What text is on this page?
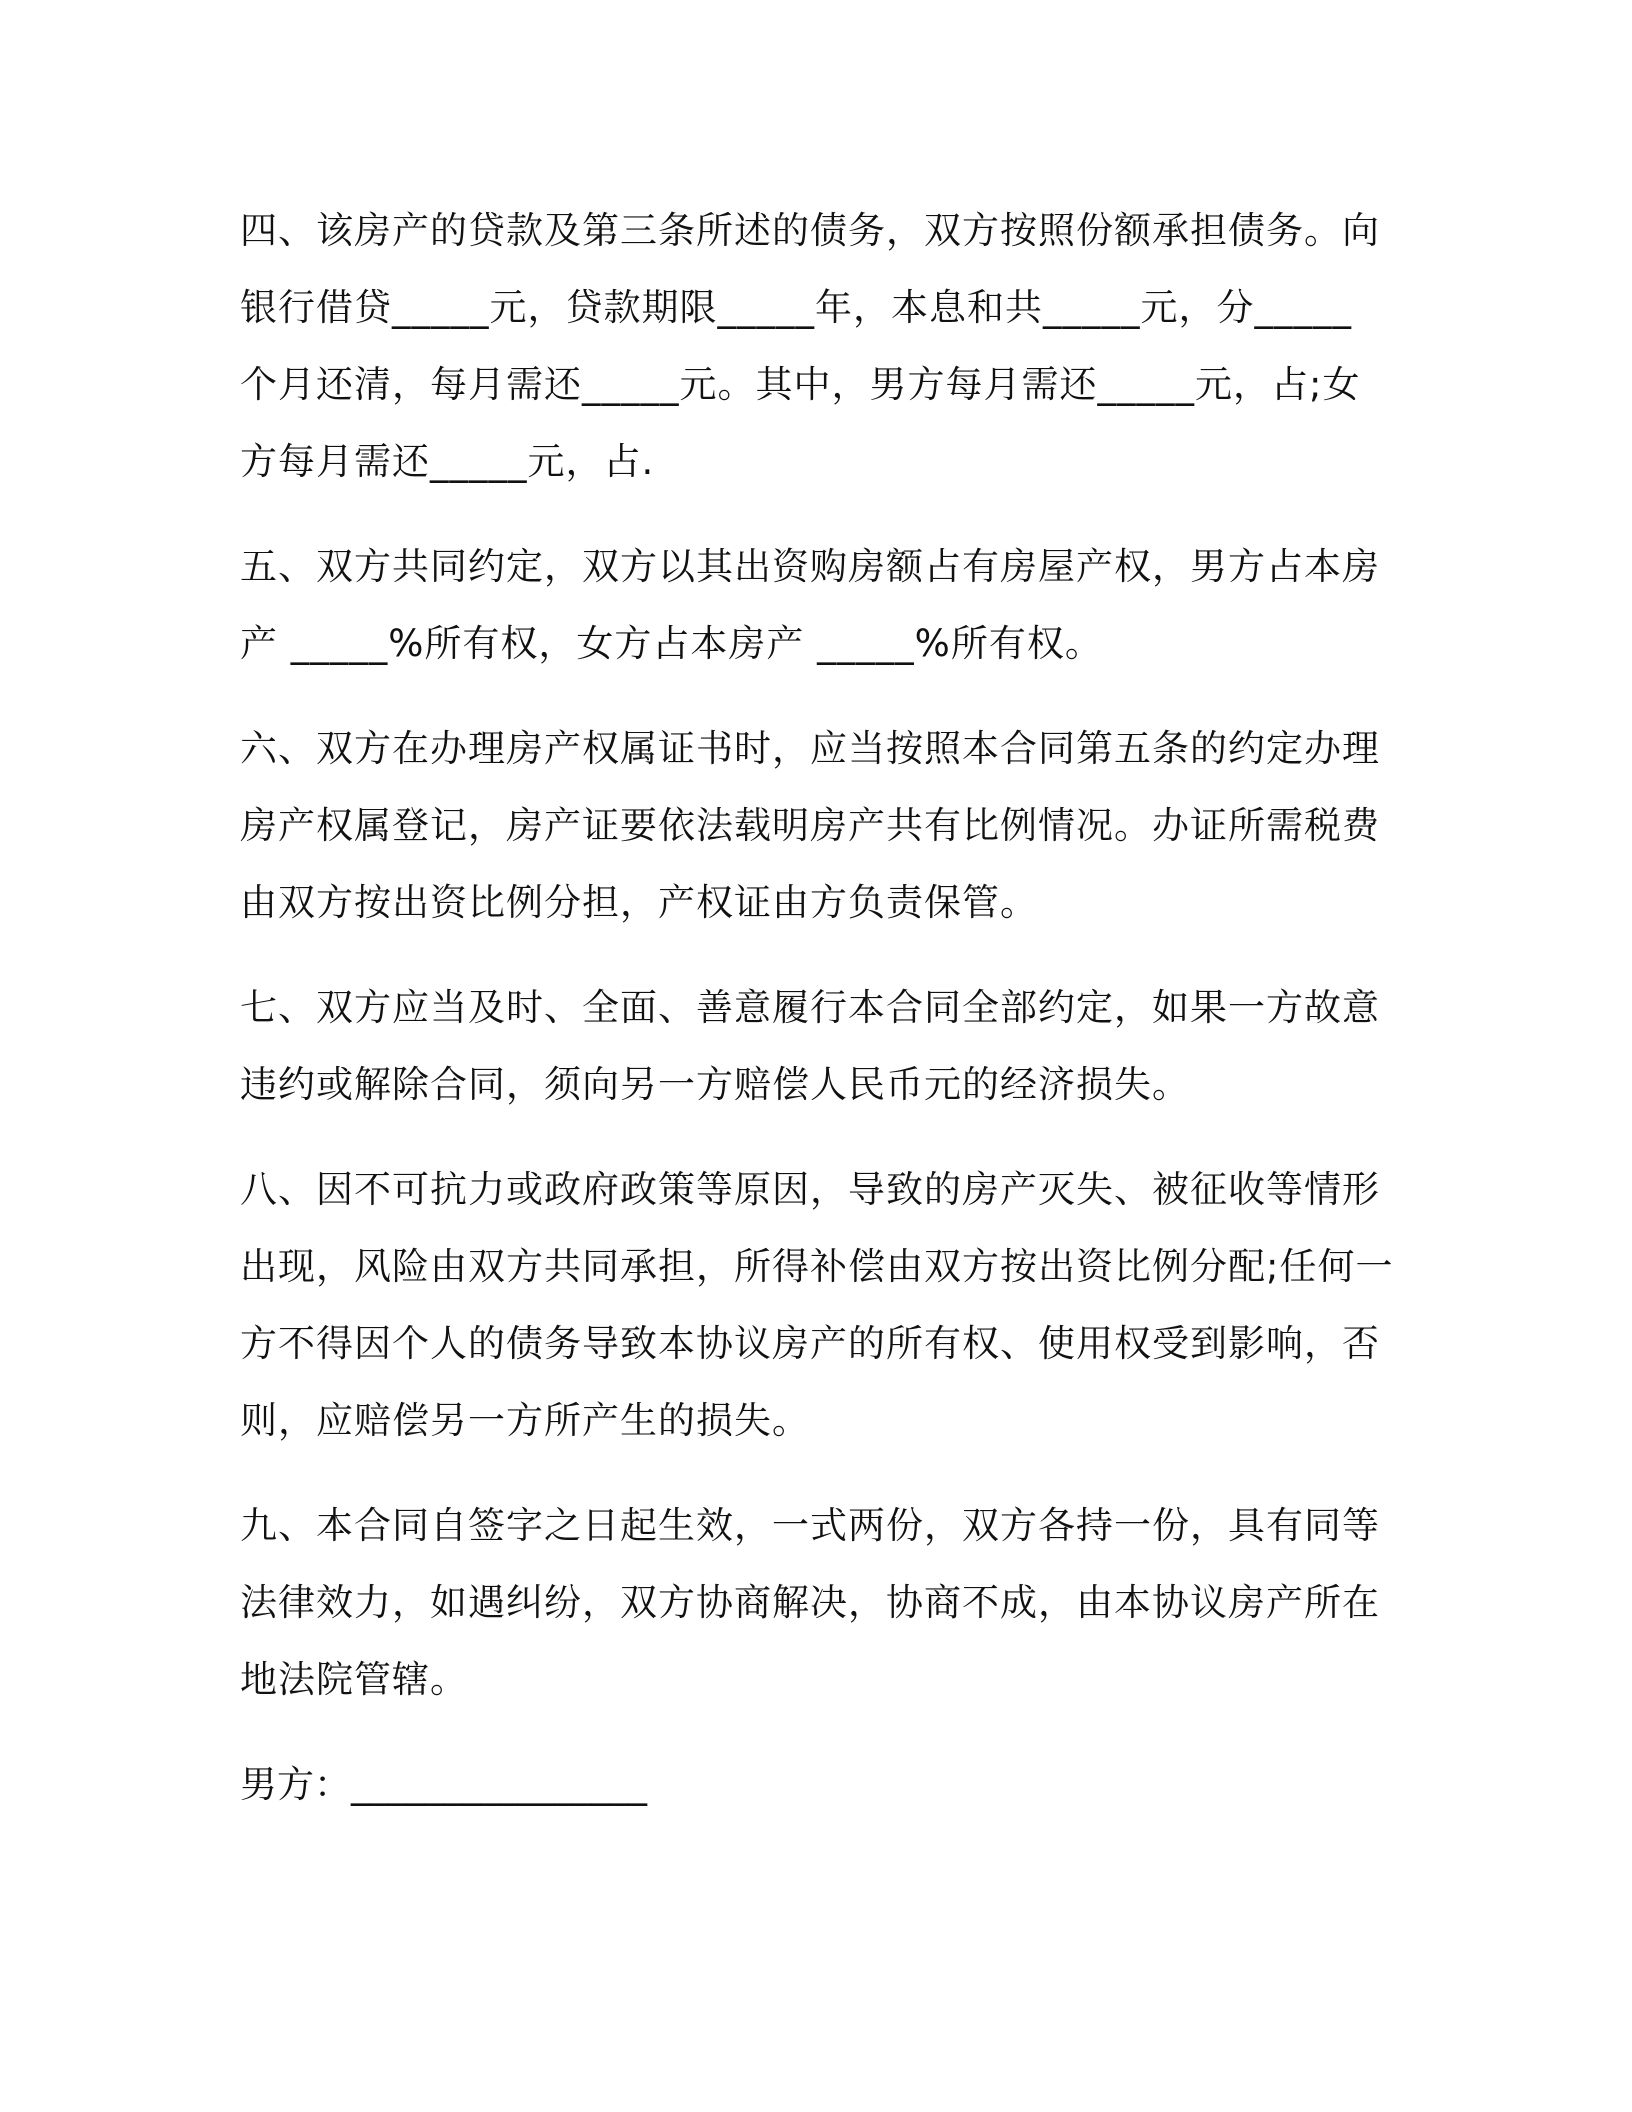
四、该房产的贷款及第三条所述的债务，双方按照份额承担债务。向
银行借贷_____元，贷款期限_____年，本息和共_____元，分_____
个月还清，每月需还_____元。其中，男方每月需还_____元，占;女
方每月需还_____元，占.
五、双方共同约定，双方以其出资购房额占有房屋产权，男方占本房
产 _____%所有权，女方占本房产 _____%所有权。
六、双方在办理房产权属证书时，应当按照本合同第五条的约定办理
房产权属登记，房产证要依法载明房产共有比例情况。办证所需税费
由双方按出资比例分担，产权证由方负责保管。
七、双方应当及时、全面、善意履行本合同全部约定，如果一方故意
违约或解除合同，须向另一方赔偿人民币元的经济损失。
八、因不可抗力或政府政策等原因，导致的房产灭失、被征收等情形
出现，风险由双方共同承担，所得补偿由双方按出资比例分配;任何一
方不得因个人的债务导致本协议房产的所有权、使用权受到影响，否
则，应赔偿另一方所产生的损失。
九、本合同自签字之日起生效，一式两份，双方各持一份，具有同等
法律效力，如遇纠纷，双方协商解决，协商不成，由本协议房产所在
地法院管辖。
男方：________________
